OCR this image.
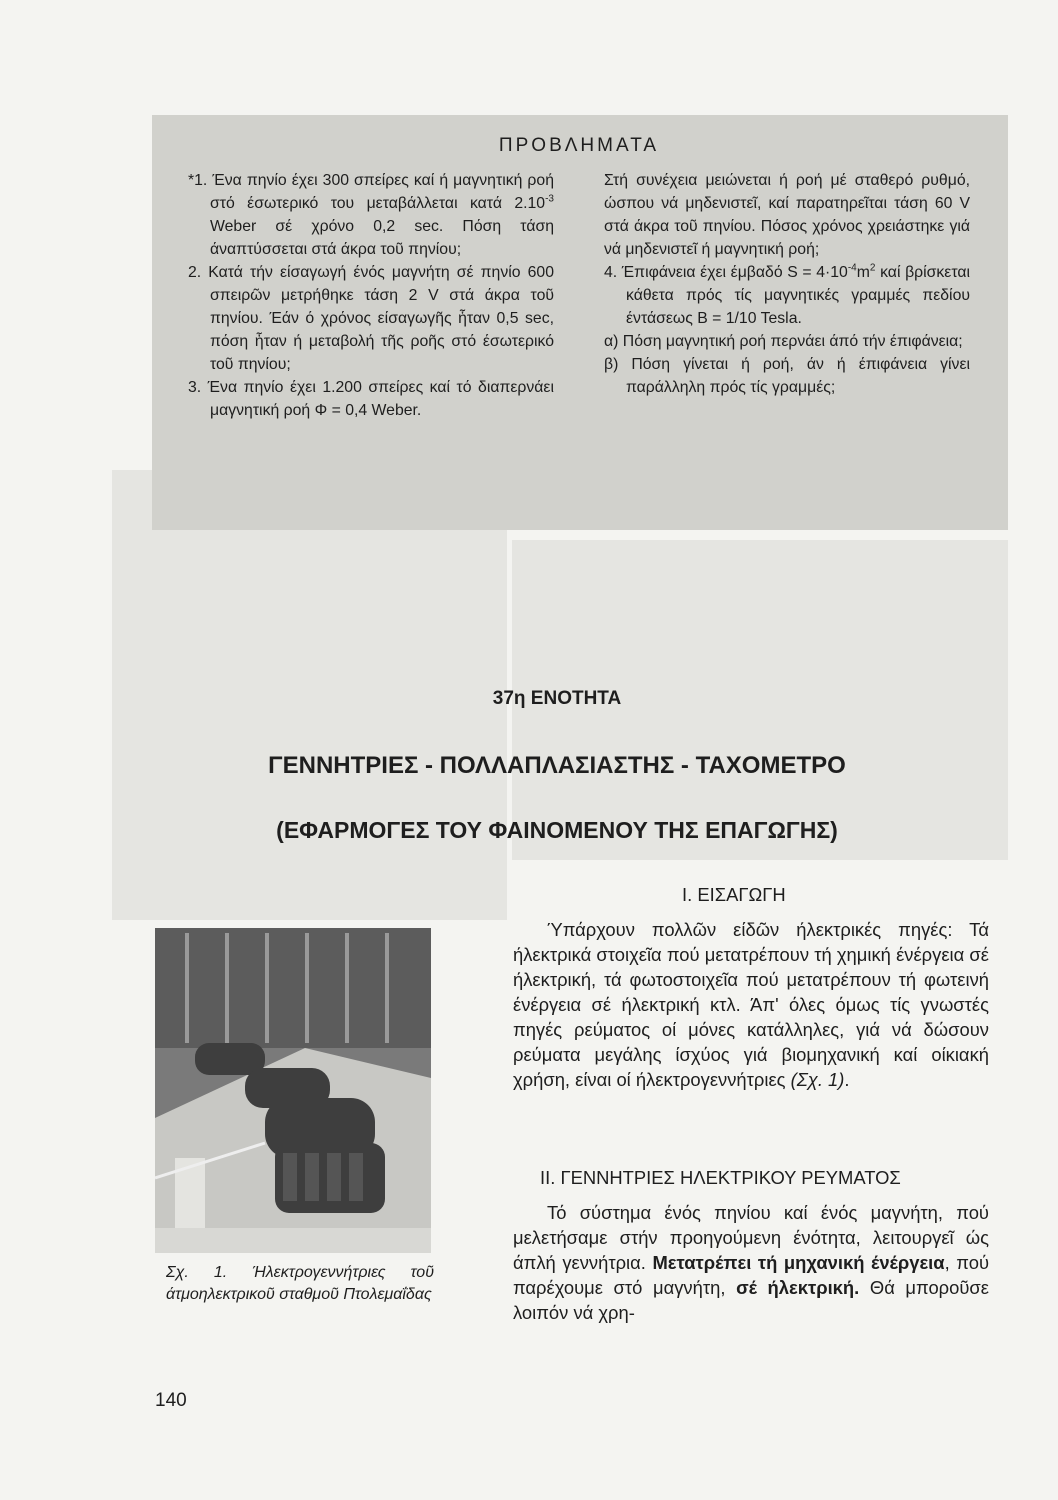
ΠΡΟΒΛΗΜΑΤΑ

*1. Ένα πηνίο έχει 300 σπείρες καί ή μαγνητική ροή στό έσωτερικό του μεταβάλλεται κατά $2.10^{-3}$ Weber σέ χρόνο 0,2 sec. Πόση τάση άναπτύσσεται στά άκρα τοῦ πηνίου;

2. Κατά τήν είσαγωγή ένός μαγνήτη σέ πηνίο 600 σπειρῶν μετρήθηκε τάση 2 V στά άκρα τοῦ πηνίου. Έάν ό χρόνος είσαγωγῆς ἦταν 0,5 sec, πόση ἦταν ή μεταβολή τῆς ροῆς στό έσωτερικό τοῦ πηνίου;

3. Ένα πηνίο έχει 1.200 σπείρες καί τό διαπερνάει μαγνητική ροή Φ = 0,4 Weber.

Στή συνέχεια μειώνεται ή ροή μέ σταθερό ρυθμό, ώσπου νά μηδενιστεῖ, καί παρατηρεῖται τάση 60 V στά άκρα τοῦ πηνίου. Πόσος χρόνος χρειάστηκε γιά νά μηδενιστεῖ ή μαγνητική ροή;

4. Έπιφάνεια έχει έμβαδό $S = 4\cdot 10^{-4}m^2$ καί βρίσκεται κάθετα πρός τίς μαγνητικές γραμμές πεδίου έντάσεως B = 1/10 Tesla.

α) Πόση μαγνητική ροή περνάει άπό τήν έπιφάνεια;

β) Πόση γίνεται ή ροή, άν ή έπιφάνεια γίνει παράλληλη πρός τίς γραμμές;

37η ΕΝΟΤΗΤΑ
ΓΕΝΝΗΤΡΙΕΣ - ΠΟΛΛΑΠΛΑΣΙΑΣΤΗΣ - ΤΑΧΟΜΕΤΡΟ
(ΕΦΑΡΜΟΓΕΣ ΤΟΥ ΦΑΙΝΟΜΕΝΟΥ ΤΗΣ ΕΠΑΓΩΓΗΣ)
Σχ. 1. Ήλεκτρογεννήτριες τοῦ άτμοηλεκτρικοῦ σταθμοῦ Πτολεμαΐδας
Ι. ΕΙΣΑΓΩΓΗ
Ύπάρχουν πολλῶν είδῶν ήλεκτρικές πηγές: Τά ήλεκτρικά στοιχεῖα πού μετατρέπουν τή χημική ένέργεια σέ ήλεκτρική, τά φωτοστοιχεῖα πού μετατρέπουν τή φωτεινή ένέργεια σέ ήλεκτρική κτλ. Άπ' όλες όμως τίς γνωστές πηγές ρεύματος οί μόνες κατάλληλες, γιά νά δώσουν ρεύματα μεγάλης ίσχύος γιά βιομηχανική καί οίκιακή χρήση, είναι οί ήλεκτρογεννήτριες (Σχ. 1).
ΙΙ. ΓΕΝΝΗΤΡΙΕΣ ΗΛΕΚΤΡΙΚΟΥ ΡΕΥΜΑΤΟΣ
Τό σύστημα ένός πηνίου καί ένός μαγνήτη, πού μελετήσαμε στήν προηγούμενη ένότητα, λειτουργεῖ ώς άπλή γεννήτρια. Μετατρέπει τή μηχανική ένέργεια, πού παρέχουμε στό μαγνήτη, σέ ήλεκτρική. Θά μποροῦσε λοιπόν νά χρη-
140
